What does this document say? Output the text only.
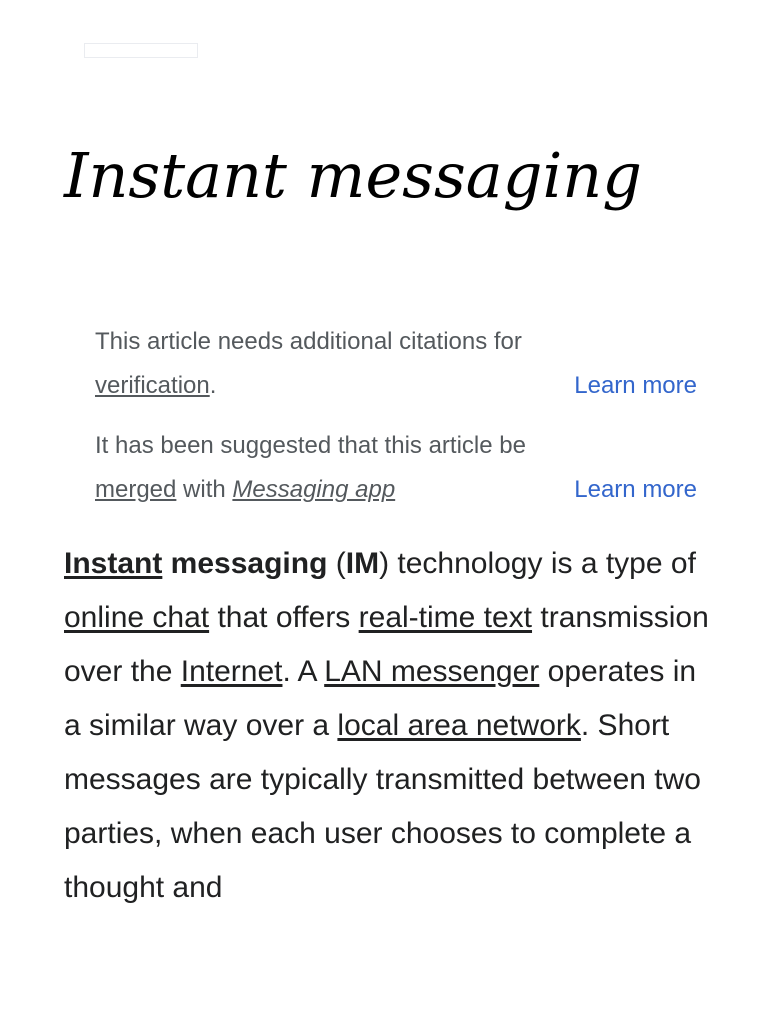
Instant messaging
This article needs additional citations for
verification.	Learn more
It has been suggested that this article be
merged with Messaging app	Learn more

Instant messaging (IM) technology is a type of online chat that offers real-time text transmission over the Internet. A LAN messenger operates in a similar way over a local area network. Short messages are typically transmitted between two parties, when each user chooses to complete a thought and
